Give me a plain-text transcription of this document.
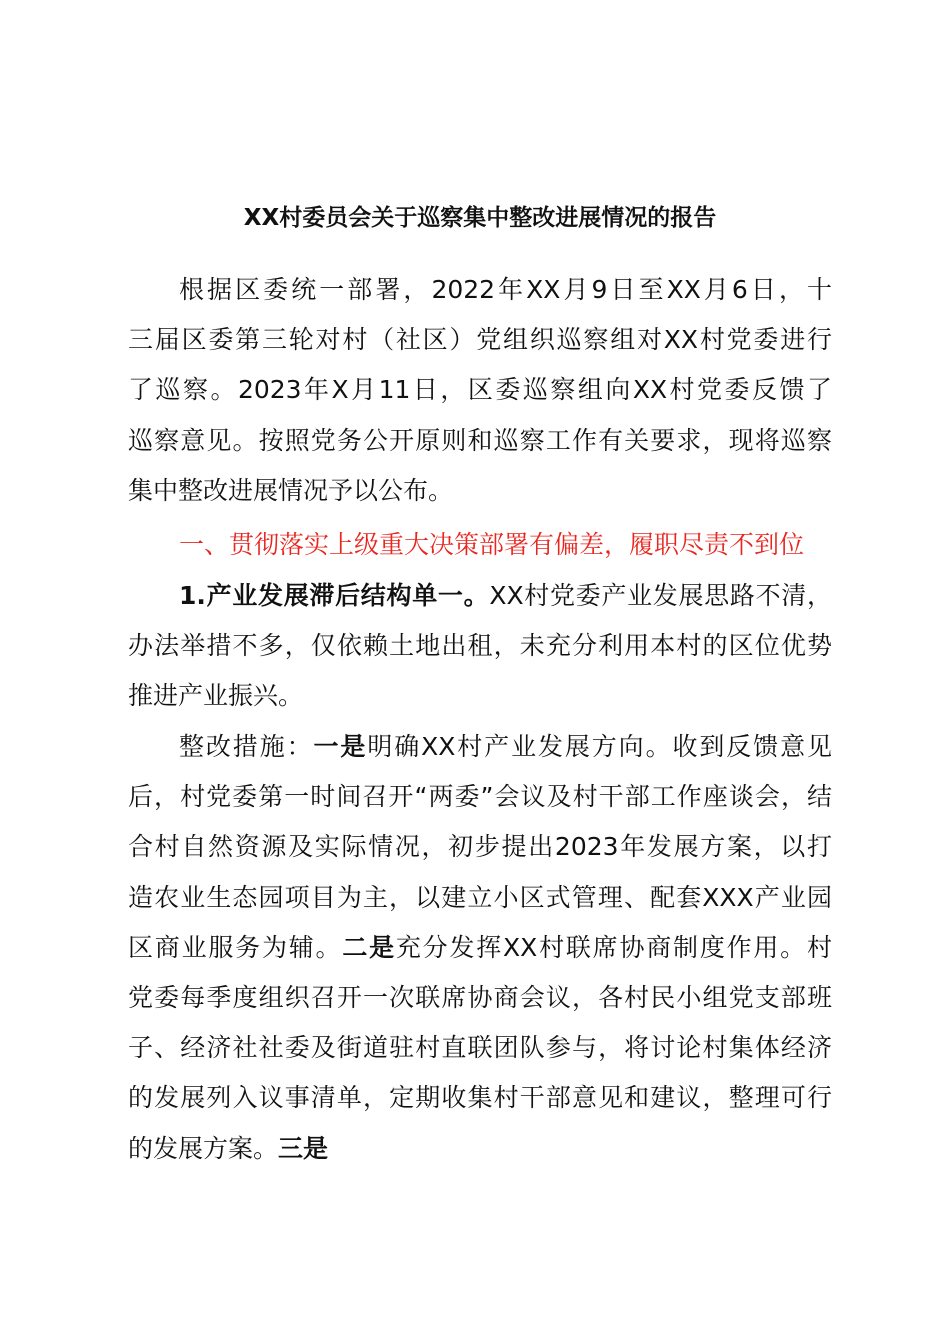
XX村委员会关于巡察集中整改进展情况的报告
根据区委统一部署，2022年XX月9日至XX月6日，十
三届区委第三轮对村（社区）党组织巡察组对XX村党委进行
了巡察。2023年X月11日，区委巡察组向XX村党委反馈了
巡察意见。按照党务公开原则和巡察工作有关要求，现将巡察
集中整改进展情况予以公布。
一、贯彻落实上级重大决策部署有偏差，履职尽责不到位
1.产业发展滞后结构单一。XX村党委产业发展思路不清，
办法举措不多，仅依赖土地出租，未充分利用本村的区位优势
推进产业振兴。
整改措施：一是明确XX村产业发展方向。收到反馈意见
后，村党委第一时间召开“两委”会议及村干部工作座谈会，结
合村自然资源及实际情况，初步提出2023年发展方案，以打
造农业生态园项目为主，以建立小区式管理、配套XXX产业园
区商业服务为辅。二是充分发挥XX村联席协商制度作用。村
党委每季度组织召开一次联席协商会议，各村民小组党支部班
子、经济社社委及街道驻村直联团队参与，将讨论村集体经济
的发展列入议事清单，定期收集村干部意见和建议，整理可行
的发展方案。三是
